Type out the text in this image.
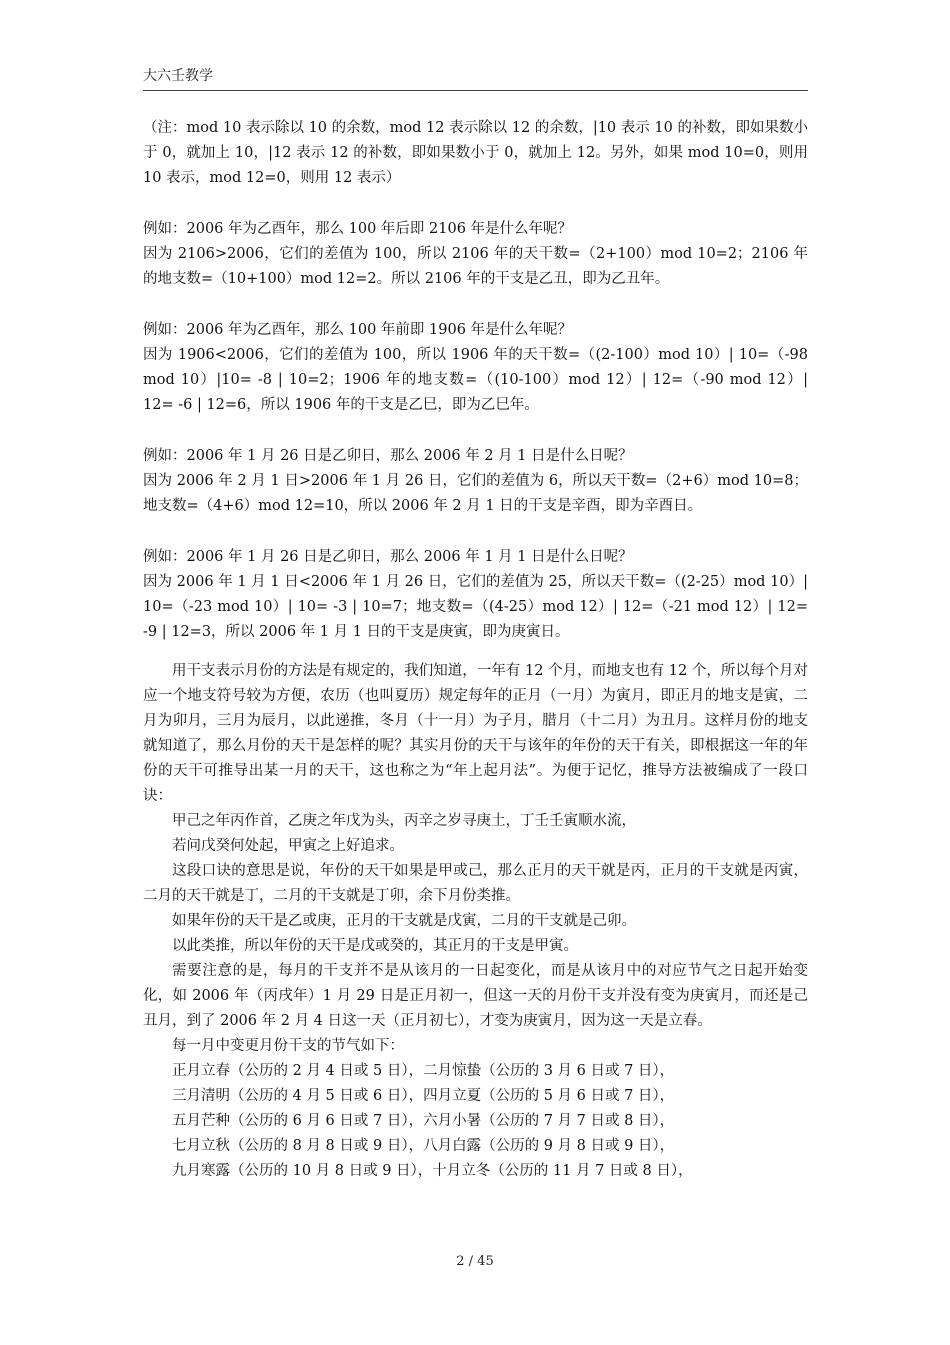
大六壬教学

（注：mod 10 表示除以 10 的余数，mod 12 表示除以 12 的余数，|10 表示 10 的补数，即如果数小于 0，就加上 10，|12 表示 12 的补数，即如果数小于 0，就加上 12。另外，如果 mod 10=0，则用 10 表示，mod 12=0，则用 12 表示）

例如：2006 年为乙酉年，那么 100 年后即 2106 年是什么年呢？

因为 2106>2006，它们的差值为 100，所以 2106 年的天干数=（2+100）mod 10=2；2106 年的地支数=（10+100）mod 12=2。所以 2106 年的干支是乙丑，即为乙丑年。

例如：2006 年为乙酉年，那么 100 年前即 1906 年是什么年呢？

因为 1906<2006，它们的差值为 100，所以 1906 年的天干数=（(2-100）mod 10）| 10=（-98 mod 10）|10= -8 | 10=2；1906 年的地支数=（(10-100）mod 12）| 12=（-90 mod 12）| 12= -6 | 12=6，所以 1906 年的干支是乙巳，即为乙巳年。

例如：2006 年 1 月 26 日是乙卯日，那么 2006 年 2 月 1 日是什么日呢？

因为 2006 年 2 月 1 日>2006 年 1 月 26 日，它们的差值为 6，所以天干数=（2+6）mod 10=8；地支数=（4+6）mod 12=10，所以 2006 年 2 月 1 日的干支是辛酉，即为辛酉日。

例如：2006 年 1 月 26 日是乙卯日，那么 2006 年 1 月 1 日是什么日呢？

因为 2006 年 1 月 1 日<2006 年 1 月 26 日，它们的差值为 25，所以天干数=（(2-25）mod 10）| 10=（-23 mod 10）| 10= -3 | 10=7；地支数=（(4-25）mod 12）| 12=（-21 mod 12）| 12= -9 | 12=3，所以 2006 年 1 月 1 日的干支是庚寅，即为庚寅日。

用干支表示月份的方法是有规定的，我们知道，一年有 12 个月，而地支也有 12 个，所以每个月对应一个地支符号较为方便，农历（也叫夏历）规定每年的正月（一月）为寅月，即正月的地支是寅，二月为卯月，三月为辰月，以此递推，冬月（十一月）为子月，腊月（十二月）为丑月。这样月份的地支就知道了，那么月份的天干是怎样的呢？其实月份的天干与该年的年份的天干有关，即根据这一年的年份的天干可推导出某一月的天干，这也称之为“年上起月法”。为便于记忆，推导方法被编成了一段口诀：

甲己之年丙作首，乙庚之年戊为头，丙辛之岁寻庚土，丁壬壬寅顺水流，

若问戊癸何处起，甲寅之上好追求。

这段口诀的意思是说，年份的天干如果是甲或己，那么正月的天干就是丙，正月的干支就是丙寅，二月的天干就是丁，二月的干支就是丁卯，余下月份类推。

如果年份的天干是乙或庚，正月的干支就是戊寅，二月的干支就是己卯。

以此类推，所以年份的天干是戊或癸的，其正月的干支是甲寅。

需要注意的是，每月的干支并不是从该月的一日起变化，而是从该月中的对应节气之日起开始变化，如 2006 年（丙戌年）1 月 29 日是正月初一，但这一天的月份干支并没有变为庚寅月，而还是己丑月，到了 2006 年 2 月 4 日这一天（正月初七），才变为庚寅月，因为这一天是立春。

每一月中变更月份干支的节气如下：

正月立春（公历的 2 月 4 日或 5 日），二月惊蛰（公历的 3 月 6 日或 7 日），

三月清明（公历的 4 月 5 日或 6 日），四月立夏（公历的 5 月 6 日或 7 日），

五月芒种（公历的 6 月 6 日或 7 日），六月小暑（公历的 7 月 7 日或 8 日），

七月立秋（公历的 8 月 8 日或 9 日），八月白露（公历的 9 月 8 日或 9 日），

九月寒露（公历的 10 月 8 日或 9 日），十月立冬（公历的 11 月 7 日或 8 日），

2 / 45
